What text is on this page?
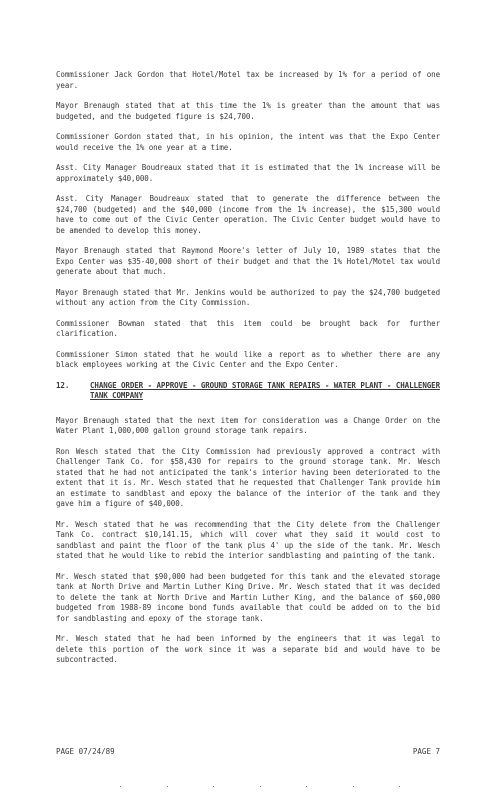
Commissioner Jack Gordon that Hotel/Motel tax be increased by 1% for a period of one year.

Mayor Brenaugh stated that at this time the 1% is greater than the amount that was budgeted, and the budgeted figure is $24,700.

Commissioner Gordon stated that, in his opinion, the intent was that the Expo Center would receive the 1% one year at a time.

Asst. City Manager Boudreaux stated that it is estimated that the 1% increase will be approximately $40,000.

Asst. City Manager Boudreaux stated that to generate the difference between the $24,700 (budgeted) and the $40,000 (income from the 1% increase), the $15,300 would have to come out of the Civic Center operation. The Civic Center budget would have to be amended to develop this money.

Mayor Brenaugh stated that Raymond Moore's letter of July 10, 1989 states that the Expo Center was $35-40,000 short of their budget and that the 1% Hotel/Motel tax would generate about that much.

Mayor Brenaugh stated that Mr. Jenkins would be authorized to pay the $24,700 budgeted without any action from the City Commission.

Commissioner Bowman stated that this item could be brought back for further clarification.

Commissioner Simon stated that he would like a report as to whether there are any black employees working at the Civic Center and the Expo Center.

12.	CHANGE ORDER - APPROVE - GROUND STORAGE TANK REPAIRS - WATER PLANT - CHALLENGER TANK COMPANY

Mayor Brenaugh stated that the next item for consideration was a Change Order on the Water Plant 1,000,000 gallon ground storage tank repairs.

Ron Wesch stated that the City Commission had previously approved a contract with Challenger Tank Co. for $58,430 for repairs to the ground storage tank. Mr. Wesch stated that he had not anticipated the tank's interior having been deteriorated to the extent that it is. Mr. Wesch stated that he requested that Challenger Tank provide him an estimate to sandblast and epoxy the balance of the interior of the tank and they gave him a figure of $40,000.

Mr. Wesch stated that he was recommending that the City delete from the Challenger Tank Co. contract $10,141.15, which will cover what they said it would cost to sandblast and paint the floor of the tank plus 4' up the side of the tank. Mr. Wesch stated that he would like to rebid the interior sandblasting and painting of the tank.

Mr. Wesch stated that $90,000 had been budgeted for this tank and the elevated storage tank at North Drive and Martin Luther King Drive. Mr. Wesch stated that it was decided to delete the tank at North Drive and Martin Luther King, and the balance of $60,000 budgeted from 1988-89 income bond funds available that could be added on to the bid for sandblasting and epoxy of the storage tank.

Mr. Wesch stated that he had been informed by the engineers that it was legal to delete this portion of the work since it was a separate bid and would have to be subcontracted.

PAGE 07/24/89	PAGE 7
